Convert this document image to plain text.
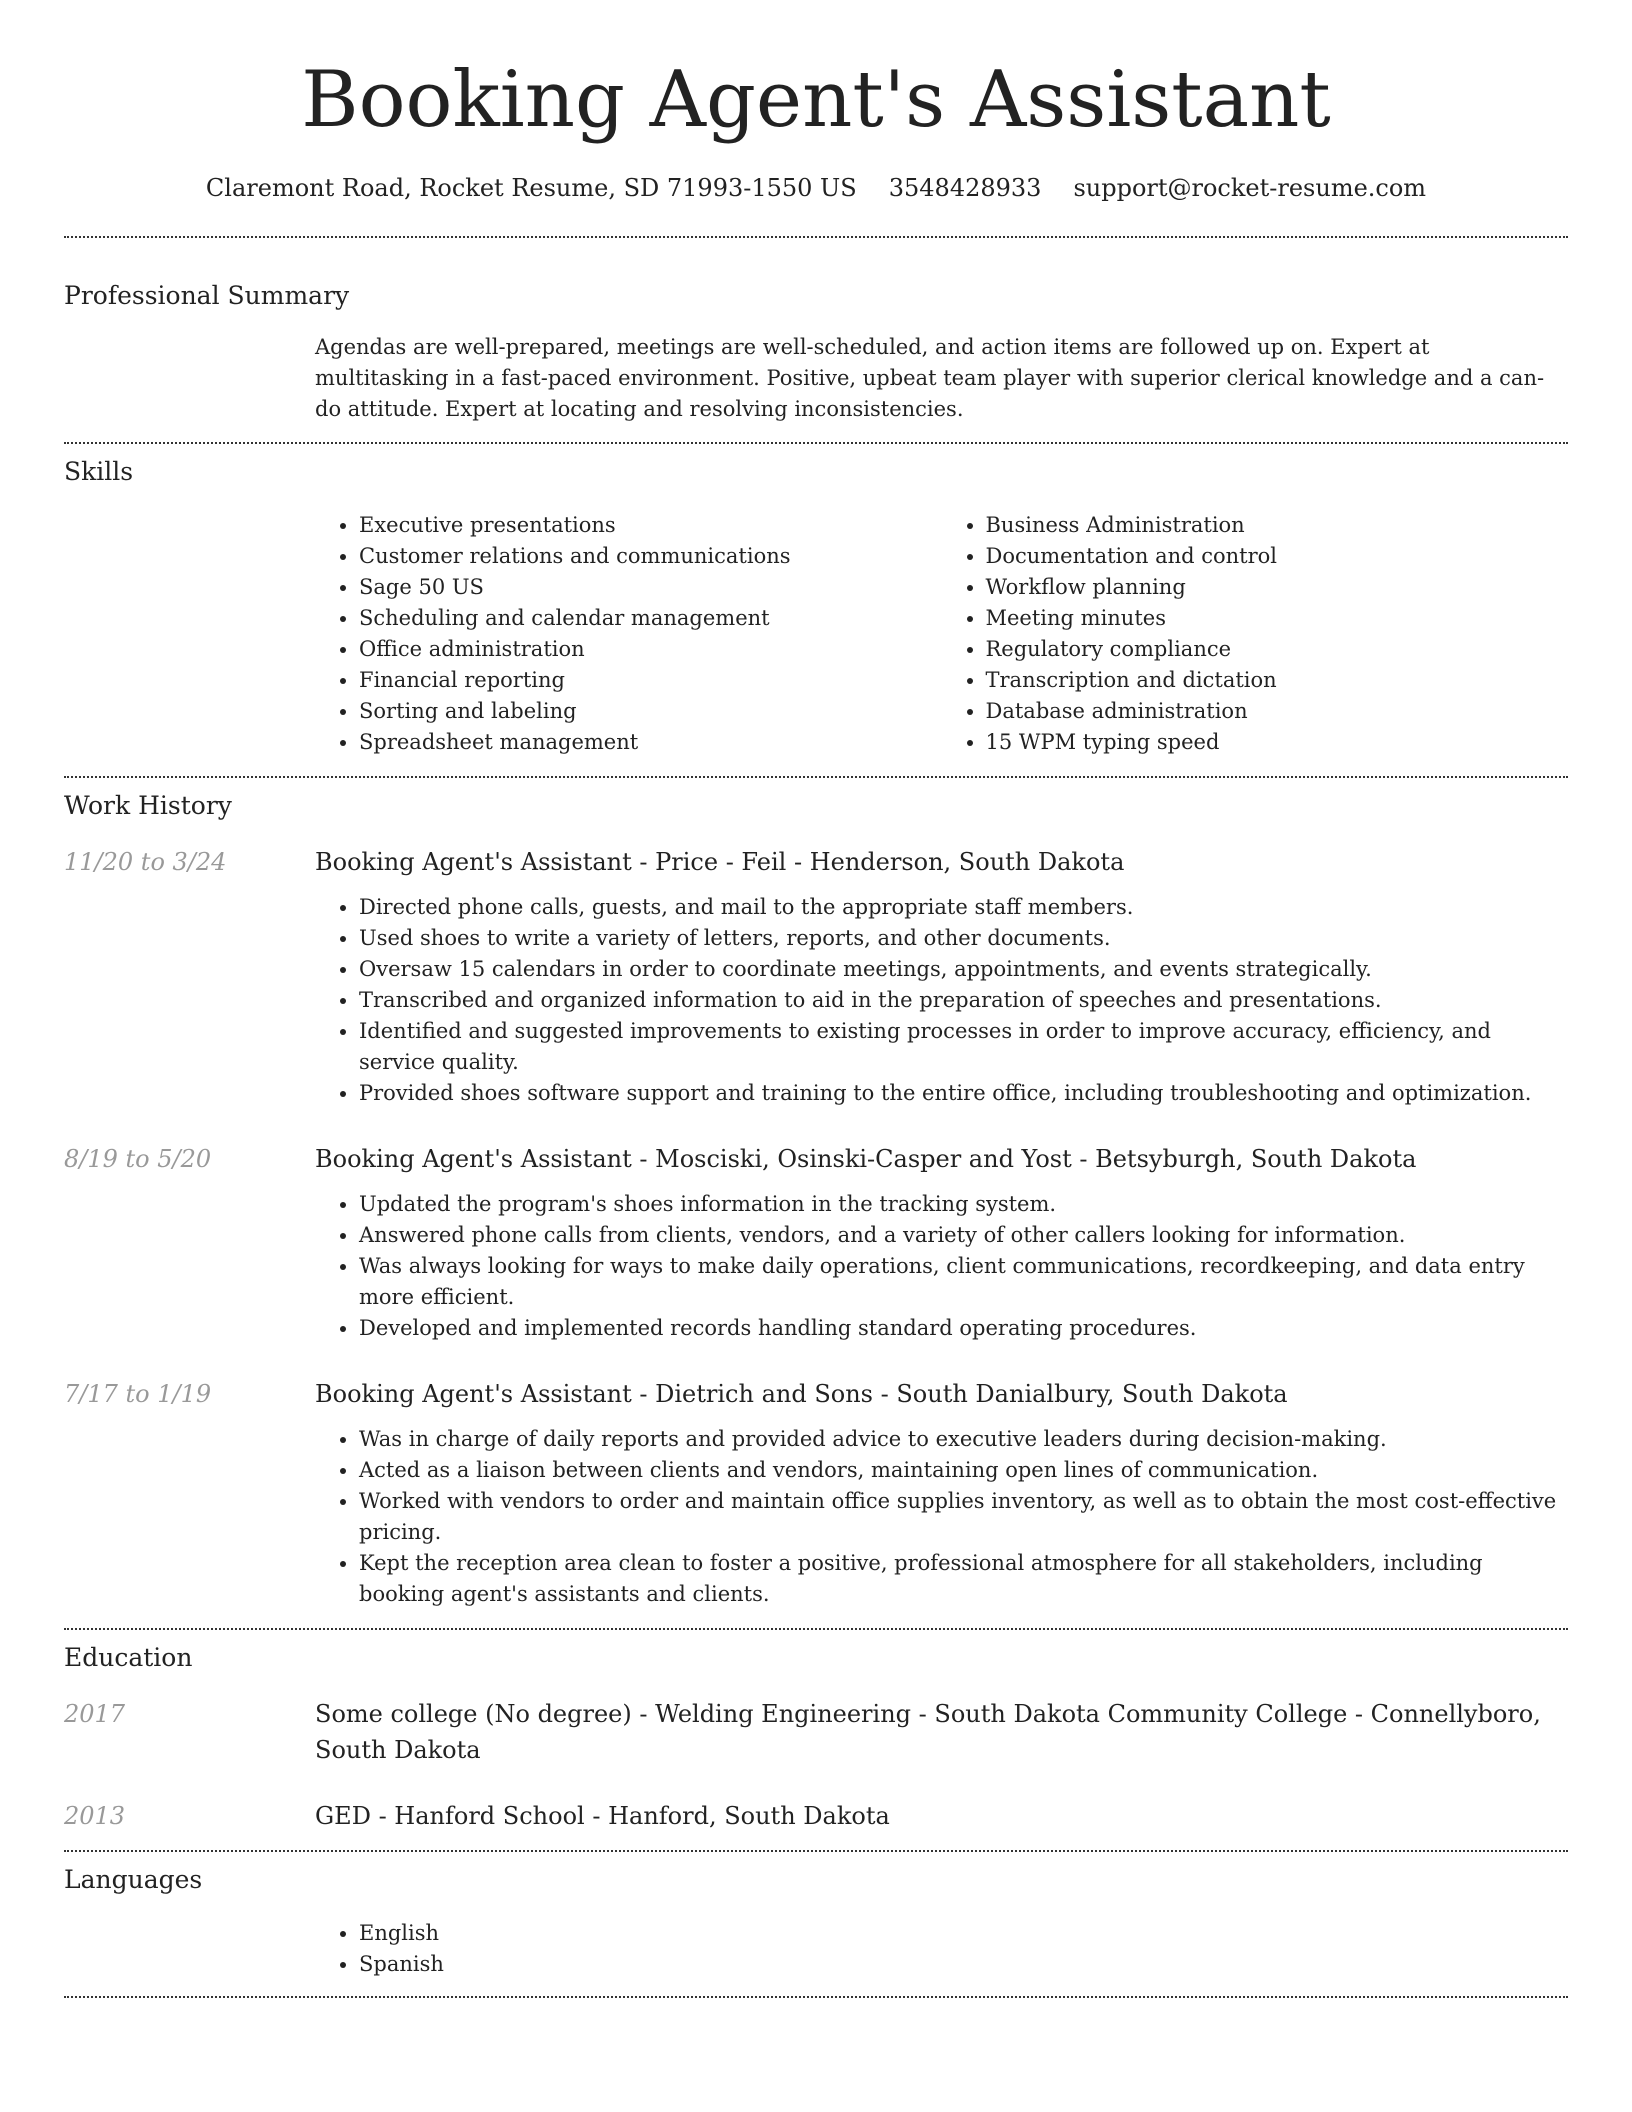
Booking Agent's Assistant
Claremont Road, Rocket Resume, SD 71993-1550 US 3548428933 support@rocket-resume.com
Professional Summary

Agendas are well-prepared, meetings are well-scheduled, and action items are followed up on. Expert at multitasking in a fast-paced environment. Positive, upbeat team player with superior clerical knowledge and a can-do attitude. Expert at locating and resolving inconsistencies.

Skills
• Executive presentations
• Customer relations and communications
• Sage 50 US
• Scheduling and calendar management
• Office administration
• Financial reporting
• Sorting and labeling
• Spreadsheet management
• Business Administration
• Documentation and control
• Workflow planning
• Meeting minutes
• Regulatory compliance
• Transcription and dictation
• Database administration
• 15 WPM typing speed
Work History
11/20 to 3/24	Booking Agent's Assistant - Price - Feil - Henderson, South Dakota
• Directed phone calls, guests, and mail to the appropriate staff members.
• Used shoes to write a variety of letters, reports, and other documents.
• Oversaw 15 calendars in order to coordinate meetings, appointments, and events strategically.
• Transcribed and organized information to aid in the preparation of speeches and presentations.
• Identified and suggested improvements to existing processes in order to improve accuracy, efficiency, and service quality.
• Provided shoes software support and training to the entire office, including troubleshooting and optimization.
8/19 to 5/20	Booking Agent's Assistant - Mosciski, Osinski-Casper and Yost - Betsyburgh, South Dakota
• Updated the program's shoes information in the tracking system.
• Answered phone calls from clients, vendors, and a variety of other callers looking for information.
• Was always looking for ways to make daily operations, client communications, recordkeeping, and data entry more efficient.
• Developed and implemented records handling standard operating procedures.
7/17 to 1/19	Booking Agent's Assistant - Dietrich and Sons - South Danialbury, South Dakota
• Was in charge of daily reports and provided advice to executive leaders during decision-making.
• Acted as a liaison between clients and vendors, maintaining open lines of communication.
• Worked with vendors to order and maintain office supplies inventory, as well as to obtain the most cost-effective pricing.
• Kept the reception area clean to foster a positive, professional atmosphere for all stakeholders, including booking agent's assistants and clients.
Education
2017	Some college (No degree) - Welding Engineering - South Dakota Community College - Connellyboro, South Dakota
2013	GED - Hanford School - Hanford, South Dakota
Languages
• English
• Spanish
